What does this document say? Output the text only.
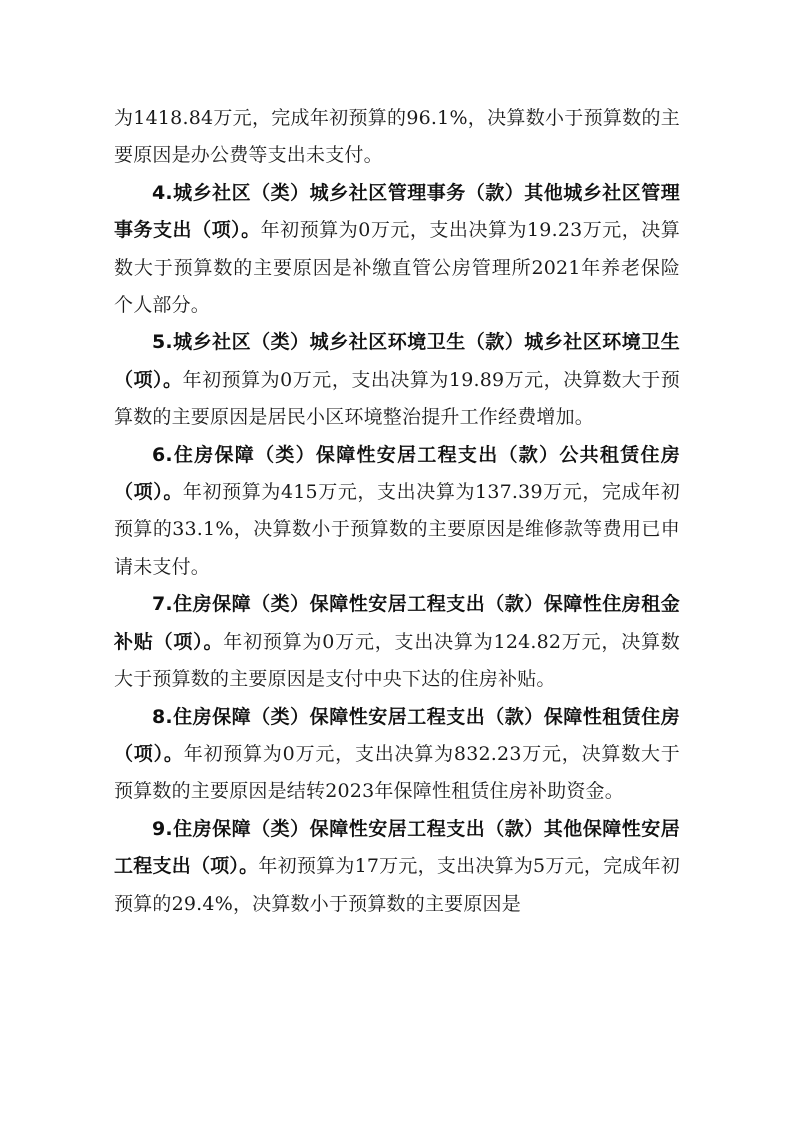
为1418.84万元，完成年初预算的96.1%，决算数小于预算数的主要原因是办公费等支出未支付。

4.城乡社区（类）城乡社区管理事务（款）其他城乡社区管理事务支出（项）。年初预算为0万元，支出决算为19.23万元，决算数大于预算数的主要原因是补缴直管公房管理所2021年养老保险个人部分。

5.城乡社区（类）城乡社区环境卫生（款）城乡社区环境卫生（项）。年初预算为0万元，支出决算为19.89万元，决算数大于预算数的主要原因是居民小区环境整治提升工作经费增加。

6.住房保障（类）保障性安居工程支出（款）公共租赁住房（项）。年初预算为415万元，支出决算为137.39万元，完成年初预算的33.1%，决算数小于预算数的主要原因是维修款等费用已申请未支付。

7.住房保障（类）保障性安居工程支出（款）保障性住房租金补贴（项）。年初预算为0万元，支出决算为124.82万元，决算数大于预算数的主要原因是支付中央下达的住房补贴。

8.住房保障（类）保障性安居工程支出（款）保障性租赁住房（项）。年初预算为0万元，支出决算为832.23万元，决算数大于预算数的主要原因是结转2023年保障性租赁住房补助资金。

9.住房保障（类）保障性安居工程支出（款）其他保障性安居工程支出（项）。年初预算为17万元，支出决算为5万元，完成年初预算的29.4%，决算数小于预算数的主要原因是
